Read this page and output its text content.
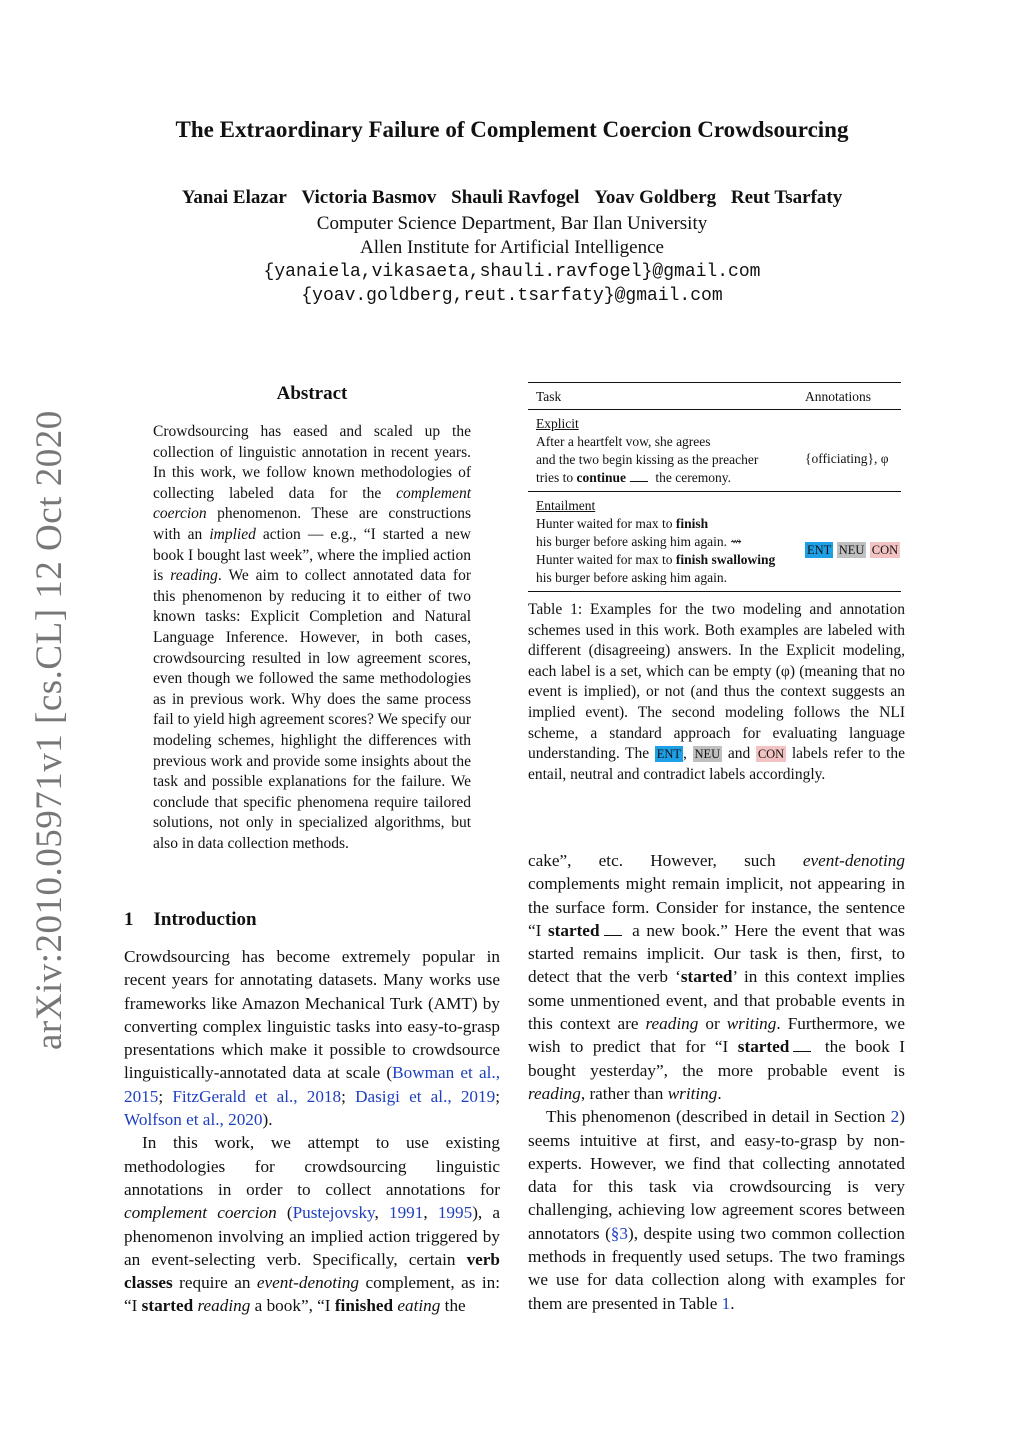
The Extraordinary Failure of Complement Coercion Crowdsourcing
Yanai Elazar Victoria Basmov Shauli Ravfogel Yoav Goldberg Reut Tsarfaty
Computer Science Department, Bar Ilan University
Allen Institute for Artificial Intelligence
{yanaiela,vikasaeta,shauli.ravfogel}@gmail.com
{yoav.goldberg,reut.tsarfaty}@gmail.com
arXiv:2010.05971v1 [cs.CL] 12 Oct 2020
Abstract
Crowdsourcing has eased and scaled up the collection of linguistic annotation in recent years. In this work, we follow known methodologies of collecting labeled data for the complement coercion phenomenon. These are constructions with an implied action — e.g., “I started a new book I bought last week”, where the implied action is reading. We aim to collect annotated data for this phenomenon by reducing it to either of two known tasks: Explicit Completion and Natural Language Inference. However, in both cases, crowdsourcing resulted in low agreement scores, even though we followed the same methodologies as in previous work. Why does the same process fail to yield high agreement scores? We specify our modeling schemes, highlight the differences with previous work and provide some insights about the task and possible explanations for the failure. We conclude that specific phenomena require tailored solutions, not only in specialized algorithms, but also in data collection methods.
1 Introduction

Crowdsourcing has become extremely popular in recent years for annotating datasets. Many works use frameworks like Amazon Mechanical Turk (AMT) by converting complex linguistic tasks into easy-to-grasp presentations which make it possible to crowdsource linguistically-annotated data at scale (Bowman et al., 2015; FitzGerald et al., 2018; Dasigi et al., 2019; Wolfson et al., 2020).

In this work, we attempt to use existing methodologies for crowdsourcing linguistic annotations in order to collect annotations for complement coercion (Pustejovsky, 1991, 1995), a phenomenon involving an implied action triggered by an event-selecting verb. Specifically, certain verb classes require an event-denoting complement, as in: “I started reading a book”, “I finished eating the

Task	Annotations
Explicit
After a heartfelt vow, she agrees
and the two begin kissing as the preacher
tries to continue the ceremony.
{officiating}, φ
Entailment
Hunter waited for max to finish
his burger before asking him again. ⇝
Hunter waited for max to finish swallowing
his burger before asking him again.
ENT NEU CON
Table 1: Examples for the two modeling and annotation schemes used in this work. Both examples are labeled with different (disagreeing) answers. In the Explicit modeling, each label is a set, which can be empty (φ) (meaning that no event is implied), or not (and thus the context suggests an implied event). The second modeling follows the NLI scheme, a standard approach for evaluating language understanding. The ENT , NEU and CON labels refer to the entail, neutral and contradict labels accordingly.

cake”, etc. However, such event-denoting complements might remain implicit, not appearing in the surface form. Consider for instance, the sentence “I started a new book.” Here the event that was started remains implicit. Our task is then, first, to detect that the verb ‘started’ in this context implies some unmentioned event, and that probable events in this context are reading or writing. Furthermore, we wish to predict that for “I started the book I bought yesterday”, the more probable event is reading, rather than writing.

This phenomenon (described in detail in Section 2) seems intuitive at first, and easy-to-grasp by non-experts. However, we find that collecting annotated data for this task via crowdsourcing is very challenging, achieving low agreement scores between annotators (§3), despite using two common collection methods in frequently used setups. The two framings we use for data collection along with examples for them are presented in Table 1.
